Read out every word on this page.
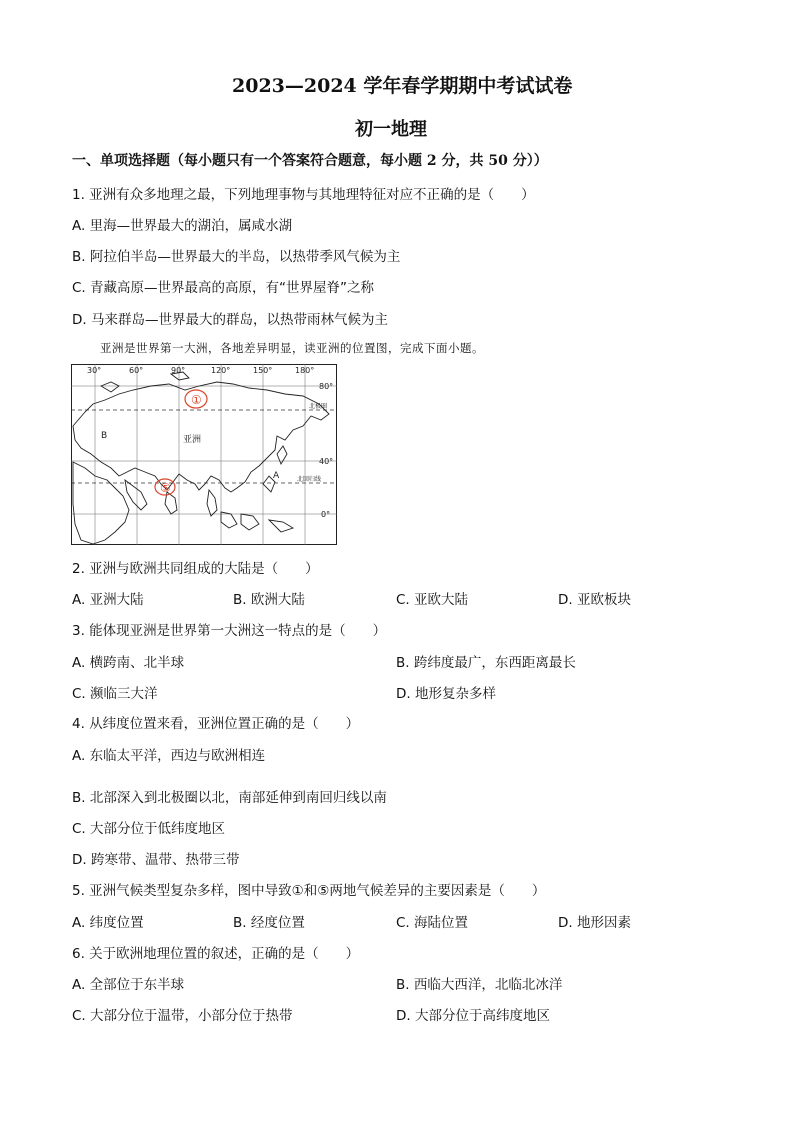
2023—2024 学年春学期期中考试试卷
初一地理
一、单项选择题（每小题只有一个答案符合题意，每小题 2 分，共 50 分））
1. 亚洲有众多地理之最，下列地理事物与其地理特征对应不正确的是（　　）
A. 里海—世界最大的湖泊，属咸水湖
B. 阿拉伯半岛—世界最大的半岛，以热带季风气候为主
C. 青藏高原—世界最高的高原，有“世界屋脊”之称
D. 马来群岛—世界最大的群岛，以热带雨林气候为主
亚洲是世界第一大洲，各地差异明显，读亚洲的位置图，完成下面小题。
30°	60°	90°	120°	150°	180°
80°
40°
0°
北极圈
北回归线
亚洲
B
A
①
⑤
2. 亚洲与欧洲共同组成的大陆是（　　）
A. 亚洲大陆	B. 欧洲大陆	C. 亚欧大陆	D. 亚欧板块
3. 能体现亚洲是世界第一大洲这一特点的是（　　）
A. 横跨南、北半球	B. 跨纬度最广，东西距离最长
C. 濒临三大洋	D. 地形复杂多样
4. 从纬度位置来看，亚洲位置正确的是（　　）
A. 东临太平洋，西边与欧洲相连
B. 北部深入到北极圈以北，南部延伸到南回归线以南
C. 大部分位于低纬度地区
D. 跨寒带、温带、热带三带
5. 亚洲气候类型复杂多样，图中导致①和⑤两地气候差异的主要因素是（　　）
A. 纬度位置	B. 经度位置	C. 海陆位置	D. 地形因素
6. 关于欧洲地理位置的叙述，正确的是（　　）
A. 全部位于东半球	B. 西临大西洋，北临北冰洋
C. 大部分位于温带，小部分位于热带	D. 大部分位于高纬度地区
